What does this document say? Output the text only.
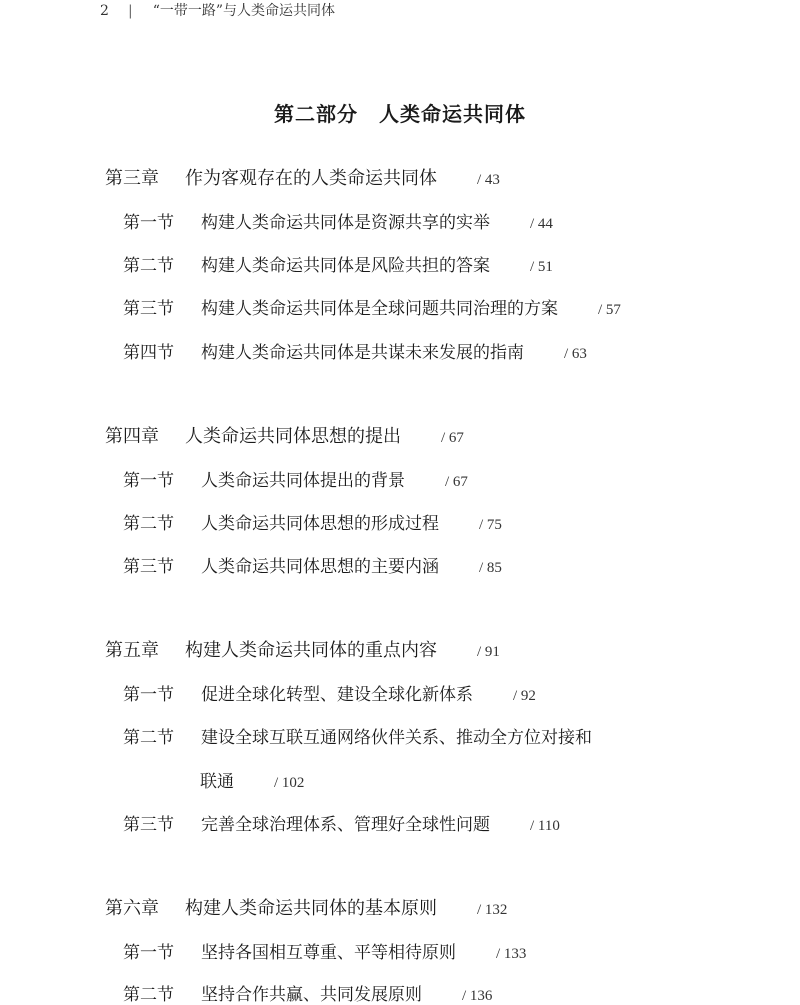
2 | “一带一路”与人类命运共同体
第二部分　人类命运共同体
第三章 作为客观存在的人类命运共同体	/ 43
第一节 构建人类命运共同体是资源共享的实举	/ 44
第二节 构建人类命运共同体是风险共担的答案	/ 51
第三节 构建人类命运共同体是全球问题共同治理的方案	/ 57
第四节 构建人类命运共同体是共谋未来发展的指南	/ 63
第四章 人类命运共同体思想的提出	/ 67
第一节 人类命运共同体提出的背景	/ 67
第二节 人类命运共同体思想的形成过程	/ 75
第三节 人类命运共同体思想的主要内涵	/ 85
第五章 构建人类命运共同体的重点内容	/ 91
第一节 促进全球化转型、建设全球化新体系	/ 92
第二节 建设全球互联互通网络伙伴关系、推动全方位对接和
联通	/ 102
第三节 完善全球治理体系、管理好全球性问题	/ 110
第六章 构建人类命运共同体的基本原则	/ 132
第一节 坚持各国相互尊重、平等相待原则	/ 133
第二节 坚持合作共赢、共同发展原则	/ 136
